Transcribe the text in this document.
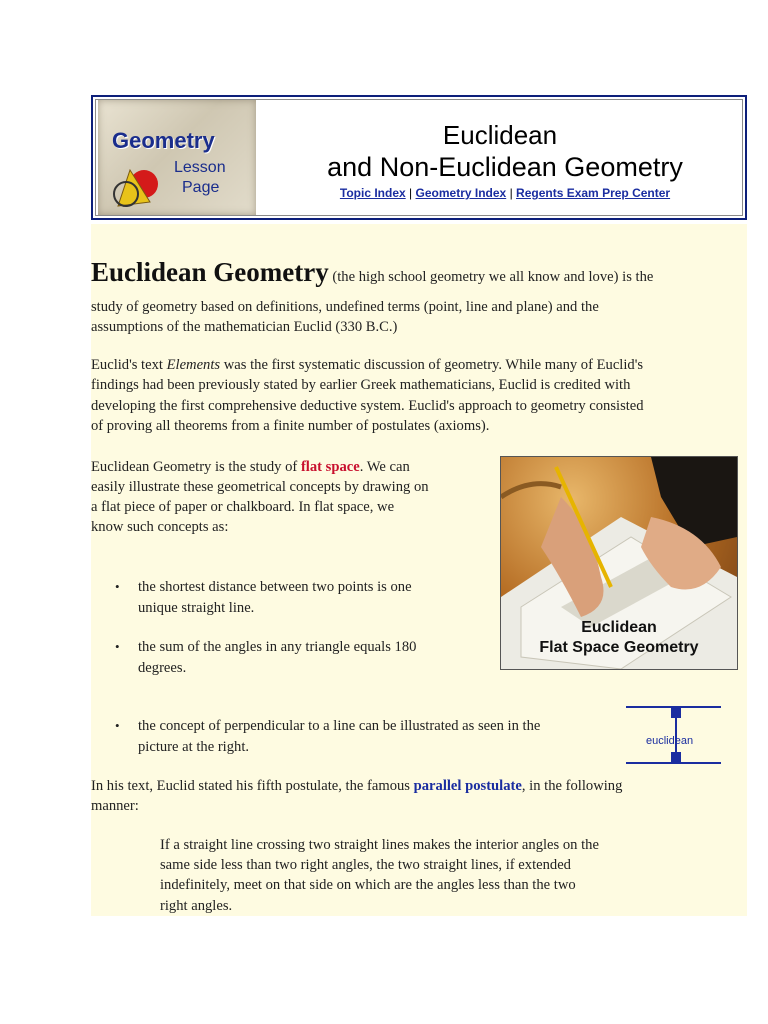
Geometry
Lesson
Page
Euclidean
and Non-Euclidean Geometry
Topic Index | Geometry Index | Regents Exam Prep Center

Euclidean Geometry (the high school geometry we all know and love) is the

study of geometry based on definitions, undefined terms (point, line and plane) and the

assumptions of the mathematician Euclid (330 B.C.)

Euclid's text Elements was the first systematic discussion of geometry. While many of Euclid's

findings had been previously stated by earlier Greek mathematicians, Euclid is credited with

developing the first comprehensive deductive system. Euclid's approach to geometry consisted

of proving all theorems from a finite number of postulates (axioms).

Euclidean Geometry is the study of flat space. We can

easily illustrate these geometrical concepts by drawing on

a flat piece of paper or chalkboard. In flat space, we

know such concepts as:

• the shortest distance between two points is one
unique straight line.
• the sum of the angles in any triangle equals 180
degrees.
• the concept of perpendicular to a line can be illustrated as seen in the
picture at the right.
Euclidean
Flat Space Geometry
euclidean

In his text, Euclid stated his fifth postulate, the famous parallel postulate, in the following

manner:

If a straight line crossing two straight lines makes the interior angles on the

same side less than two right angles, the two straight lines, if extended

indefinitely, meet on that side on which are the angles less than the two

right angles.
